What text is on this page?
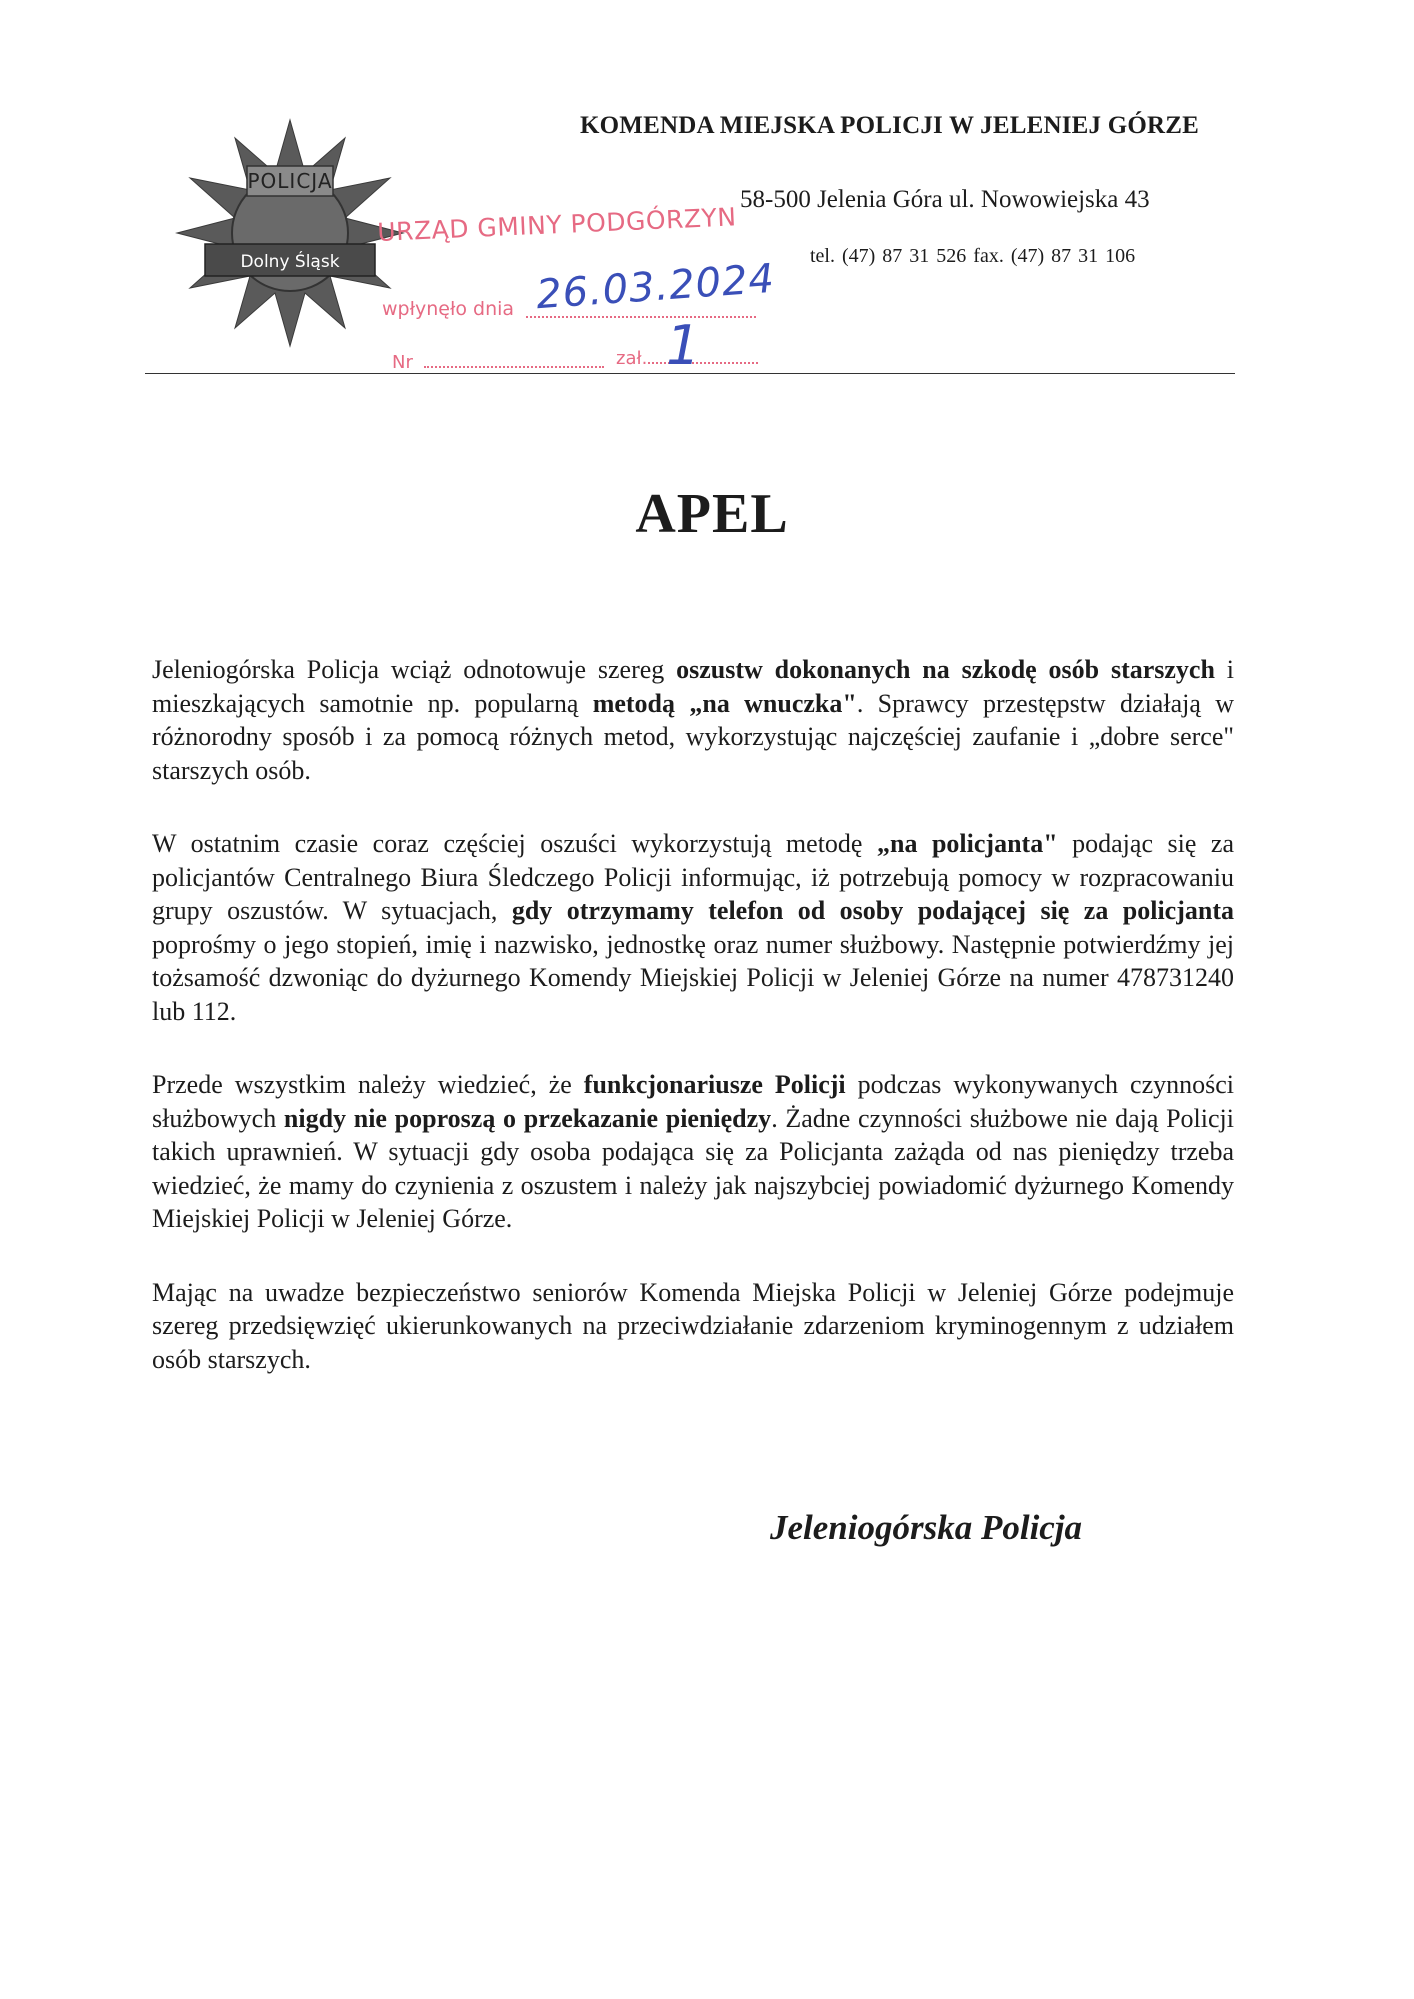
POLICJA
Dolny Śląsk
KOMENDA MIEJSKA POLICJI W JELENIEJ GÓRZE
58-500 Jelenia Góra ul. Nowowiejska 43
tel. (47) 87 31 526 fax. (47) 87 31 106
URZĄD GMINY PODGÓRZYN
26.03.2024
wpłynęło dnia
Nr	zał. 1
APEL

Jeleniogórska Policja wciąż odnotowuje szereg oszustw dokonanych na szkodę osób starszych i mieszkających samotnie np. popularną metodą „na wnuczka". Sprawcy przestępstw działają w różnorodny sposób i za pomocą różnych metod, wykorzystując najczęściej zaufanie i „dobre serce" starszych osób.

W ostatnim czasie coraz częściej oszuści wykorzystują metodę „na policjanta" podając się za policjantów Centralnego Biura Śledczego Policji informując, iż potrzebują pomocy w rozpracowaniu grupy oszustów. W sytuacjach, gdy otrzymamy telefon od osoby podającej się za policjanta poprośmy o jego stopień, imię i nazwisko, jednostkę oraz numer służbowy. Następnie potwierdźmy jej tożsamość dzwoniąc do dyżurnego Komendy Miejskiej Policji w Jeleniej Górze na numer 478731240 lub 112.

Przede wszystkim należy wiedzieć, że funkcjonariusze Policji podczas wykonywanych czynności służbowych nigdy nie poproszą o przekazanie pieniędzy. Żadne czynności służbowe nie dają Policji takich uprawnień. W sytuacji gdy osoba podająca się za Policjanta zażąda od nas pieniędzy trzeba wiedzieć, że mamy do czynienia z oszustem i należy jak najszybciej powiadomić dyżurnego Komendy Miejskiej Policji w Jeleniej Górze.

Mając na uwadze bezpieczeństwo seniorów Komenda Miejska Policji w Jeleniej Górze podejmuje szereg przedsięwzięć ukierunkowanych na przeciwdziałanie zdarzeniom kryminogennym z udziałem osób starszych.

Jeleniogórska Policja
